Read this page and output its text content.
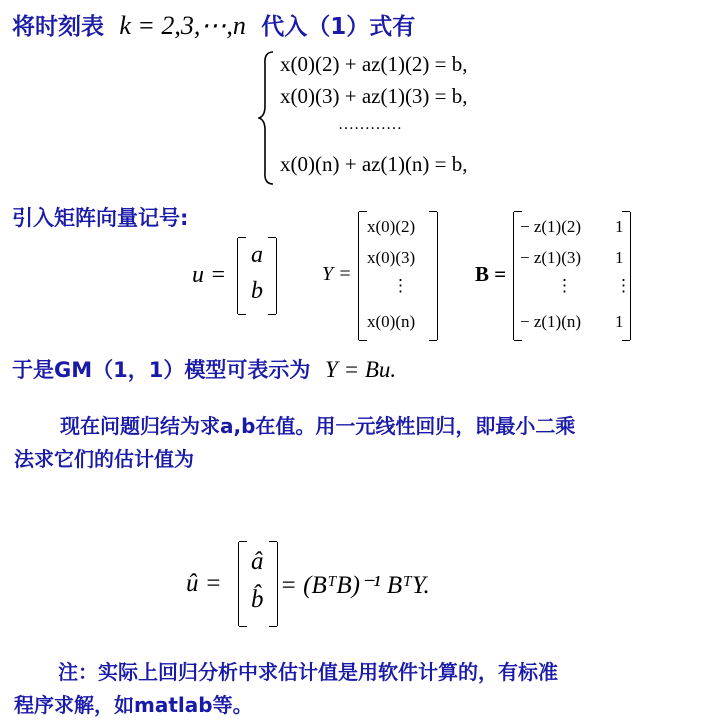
将时刻表 k = 2,3,⋯,n 代入（1）式有
x(0)(2) + az(1)(2) = b,
x(0)(3) + az(1)(3) = b,
…………
x(0)(n) + az(1)(n) = b,
引入矩阵向量记号:
u =
a
b
Y =
x(0)(2)
x(0)(3)
⋮
x(0)(n)
B =
− z(1)(2)
− z(1)(3)
⋮
− z(1)(n)
1
1
⋮
1
于是GM（1，1）模型可表示为 Y = Bu.
现在问题归结为求a,b在值。用一元线性回归，即最小二乘
法求它们的估计值为
û =
â
b̂
= (BᵀB)⁻¹ BᵀY.
注：实际上回归分析中求估计值是用软件计算的，有标准
程序求解，如matlab等。
